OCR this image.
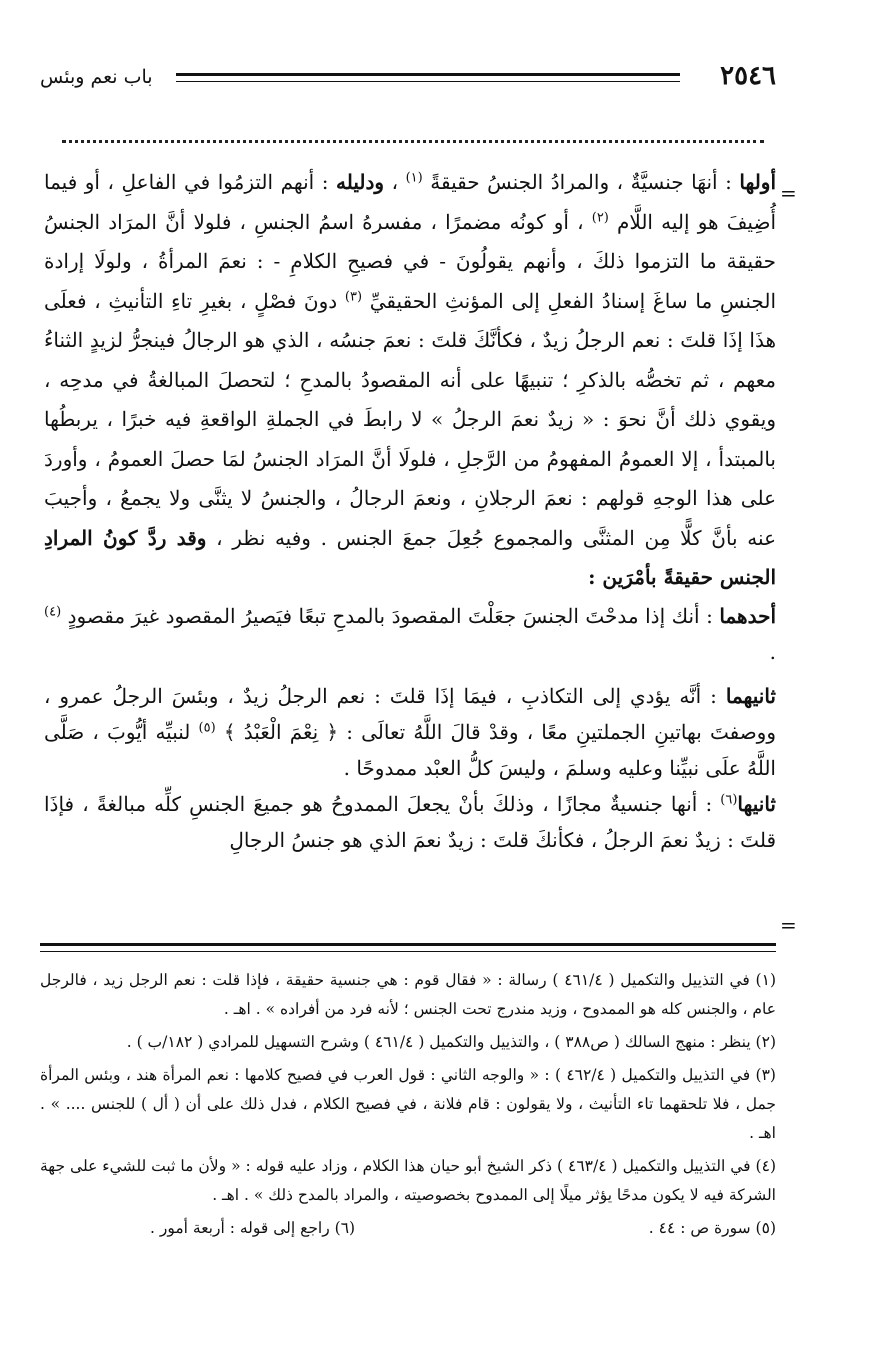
٢٥٤٦
باب نعم وبئس
=

أولها : أنهَا جنسيَّةٌ ، والمرادُ الجنسُ حقيقةً $^{(١)}$ ، ودليله : أنهم التزمُوا في الفاعلِ ، أو فيما أُضِيفَ هو إليه اللَّام $^{(٢)}$ ، أو كونُه مضمرًا ، مفسرهُ اسمُ الجنسِ ، فلولا أنَّ المرَاد الجنسُ حقيقة ما التزموا ذلكَ ، وأنهم يقولُونَ - في فصيحِ الكلامِ - : نعمَ المرأةُ ، ولولَا إرادة الجنسِ ما ساغَ إسنادُ الفعلِ إلى المؤنثِ الحقيقيِّ $^{(٣)}$ دونَ فصْلٍ ، بغيرِ تاءِ التأنيثِ ، فعلَى هذَا إذَا قلتَ : نعم الرجلُ زيدٌ ، فكأنَّكَ قلتَ : نعمَ جنسُه ، الذي هو الرجالُ فينجرُّ لزيدٍ الثناءُ معهم ، ثم تخصُّه بالذكرِ ؛ تنبيهًا على أنه المقصودُ بالمدحِ ؛ لتحصلَ المبالغةُ في مدحِه ، ويقوي ذلك أنَّ نحوَ : « زيدٌ نعمَ الرجلُ » لا رابطَ في الجملةِ الواقعةِ فيه خبرًا ، يربطُها بالمبتدأ ، إلا العمومُ المفهومُ من الرَّجلِ ، فلولَا أنَّ المرَاد الجنسُ لمَا حصلَ العمومُ ، وأوردَ على هذا الوجهِ قولهم : نعمَ الرجلانِ ، ونعمَ الرجالُ ، والجنسُ لا يثنَّى ولا يجمعُ ، وأجيبَ عنه بأنَّ كلًّا مِن المثنَّى والمجموع جُعِلَ جمعَ الجنس . وفيه نظر ، وقد ردَّ كونُ المرادِ الجنس حقيقةً بأمْرَين :

أحدهما : أنك إذا مدحْتَ الجنسَ جعَلْتَ المقصودَ بالمدحِ تبعًا فيَصيرُ المقصود غيرَ مقصودٍ $^{(٤)}$ .

ثانيهما : أنَّه يؤدي إلى التكاذبِ ، فيمَا إذَا قلتَ : نعم الرجلُ زيدٌ ، وبئسَ الرجلُ عمرو ، ووصفتَ بهاتينِ الجملتينِ معًا ، وقدْ قالَ اللَّهُ تعالَى : ﴿ نِعْمَ الْعَبْدُ ﴾ $^{(٥)}$ لنبيِّه أيُّوبَ ، صَلَّى اللَّهُ علَى نبيِّنا وعليه وسلمَ ، وليسَ كلُّ العبْد ممدوحًا .

ثانيها$^{(٦)}$ : أنها جنسيةٌ مجازًا ، وذلكَ بأنْ يجعلَ الممدوحُ هو جميعَ الجنسِ كلِّه مبالغةً ، فإذَا قلتَ : زيدٌ نعمَ الرجلُ ، فكأنكَ قلتَ : زيدٌ نعمَ الذي هو جنسُ الرجالِ

=

(١) في التذييل والتكميل ( ٤٦١/٤ ) رسالة : « فقال قوم : هي جنسية حقيقة ، فإذا قلت : نعم الرجل زيد ، فالرجل عام ، والجنس كله هو الممدوح ، وزيد مندرج تحت الجنس ؛ لأنه فرد من أفراده » . اهـ .

(٢) ينظر : منهج السالك ( ص٣٨٨ ) ، والتذييل والتكميل ( ٤٦١/٤ ) وشرح التسهيل للمرادي ( ١٨٢/ب ) .

(٣) في التذييل والتكميل ( ٤٦٢/٤ ) : « والوجه الثاني : قول العرب في فصيح كلامها : نعم المرأة هند ، وبئس المرأة جمل ، فلا تلحقهما تاء التأنيث ، ولا يقولون : قام فلانة ، في فصيح الكلام ، فدل ذلك على أن ( أل ) للجنس .... » . اهـ .

(٤) في التذييل والتكميل ( ٤٦٣/٤ ) ذكر الشيخ أبو حيان هذا الكلام ، وزاد عليه قوله : « ولأن ما ثبت للشيء على جهة الشركة فيه لا يكون مدحًا يؤثر ميلًا إلى الممدوح بخصوصيته ، والمراد بالمدح ذلك » . اهـ .

(٥) سورة ص : ٤٤ .
(٦) راجع إلى قوله : أربعة أمور .
